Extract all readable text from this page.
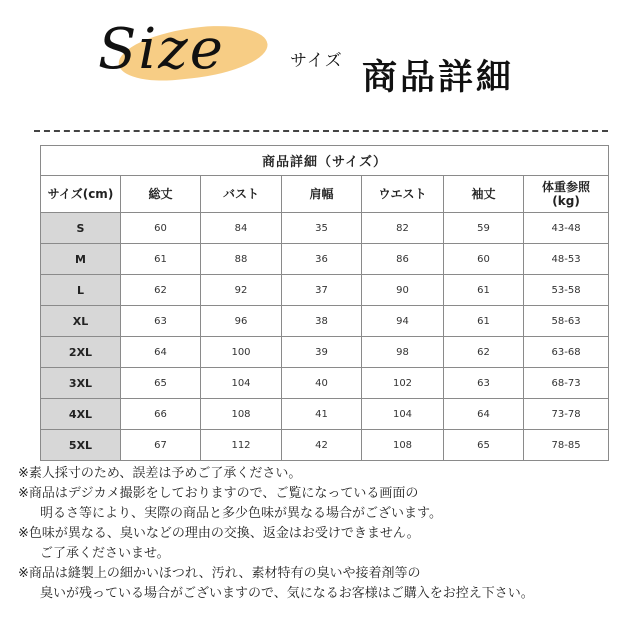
Size	サイズ 商品詳細
商品詳細（サイズ）						
サイズ(cm)	総丈	バスト	肩幅	ウエスト	袖丈	体重参照
(kg)

S	60	84	35	82	59	43-48
M	61	88	36	86	60	48-53
L	62	92	37	90	61	53-58
XL	63	96	38	94	61	58-63
2XL	64	100	39	98	62	63-68
3XL	65	104	40	102	63	68-73
4XL	66	108	41	104	64	73-78
5XL	67	112	42	108	65	78-85
※素人採寸のため、誤差は予めご了承ください。
※商品はデジカメ撮影をしておりますので、ご覧になっている画面の
明るさ等により、実際の商品と多少色味が異なる場合がございます。
※色味が異なる、臭いなどの理由の交換、返金はお受けできません。
ご了承くださいませ。
※商品は縫製上の細かいほつれ、汚れ、素材特有の臭いや接着剤等の
臭いが残っている場合がございますので、気になるお客様はご購入をお控え下さい。
